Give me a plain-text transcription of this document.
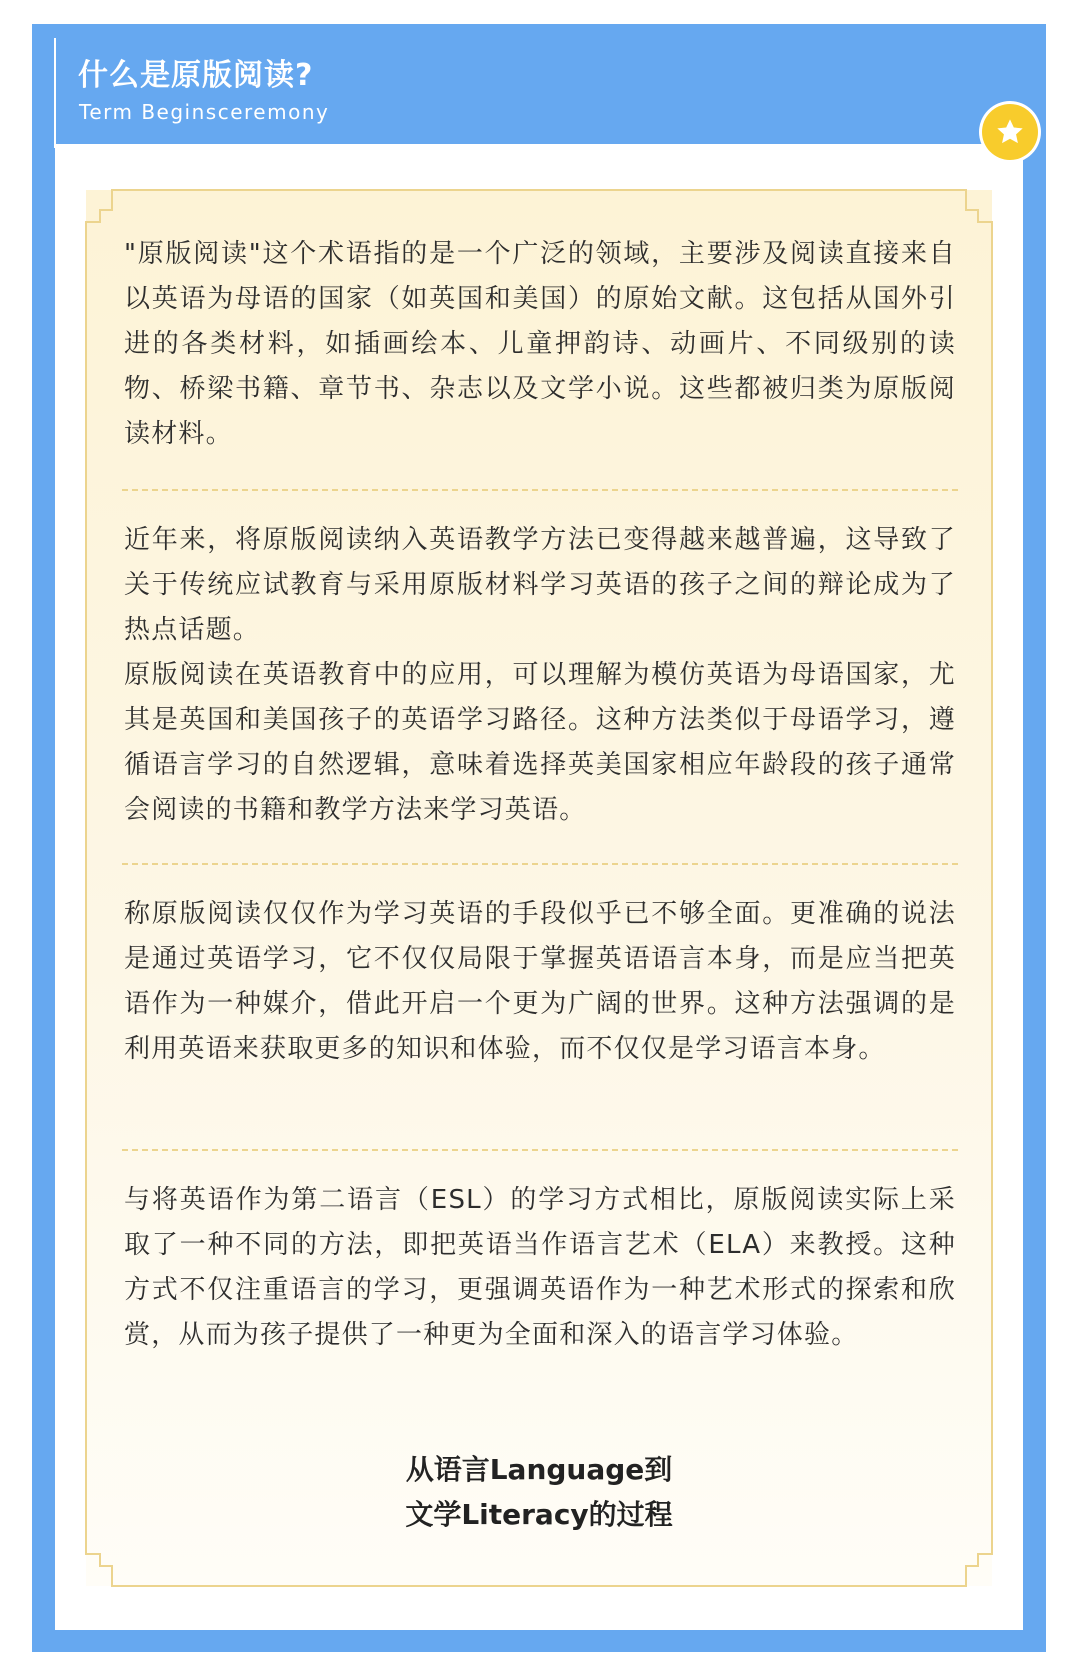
什么是原版阅读?
Term Beginsceremony

"原版阅读"这个术语指的是一个广泛的领域，主要涉及阅读直接来自以英语为母语的国家（如英国和美国）的原始文献。这包括从国外引进的各类材料，如插画绘本、儿童押韵诗、动画片、不同级别的读物、桥梁书籍、章节书、杂志以及文学小说。这些都被归类为原版阅读材料。

近年来，将原版阅读纳入英语教学方法已变得越来越普遍，这导致了关于传统应试教育与采用原版材料学习英语的孩子之间的辩论成为了热点话题。

原版阅读在英语教育中的应用，可以理解为模仿英语为母语国家，尤其是英国和美国孩子的英语学习路径。这种方法类似于母语学习，遵循语言学习的自然逻辑，意味着选择英美国家相应年龄段的孩子通常会阅读的书籍和教学方法来学习英语。

称原版阅读仅仅作为学习英语的手段似乎已不够全面。更准确的说法是通过英语学习，它不仅仅局限于掌握英语语言本身，而是应当把英语作为一种媒介，借此开启一个更为广阔的世界。这种方法强调的是利用英语来获取更多的知识和体验，而不仅仅是学习语言本身。

与将英语作为第二语言（ESL）的学习方式相比，原版阅读实际上采取了一种不同的方法，即把英语当作语言艺术（ELA）来教授。这种方式不仅注重语言的学习，更强调英语作为一种艺术形式的探索和欣赏，从而为孩子提供了一种更为全面和深入的语言学习体验。

从语言Language到
文学Literacy的过程
